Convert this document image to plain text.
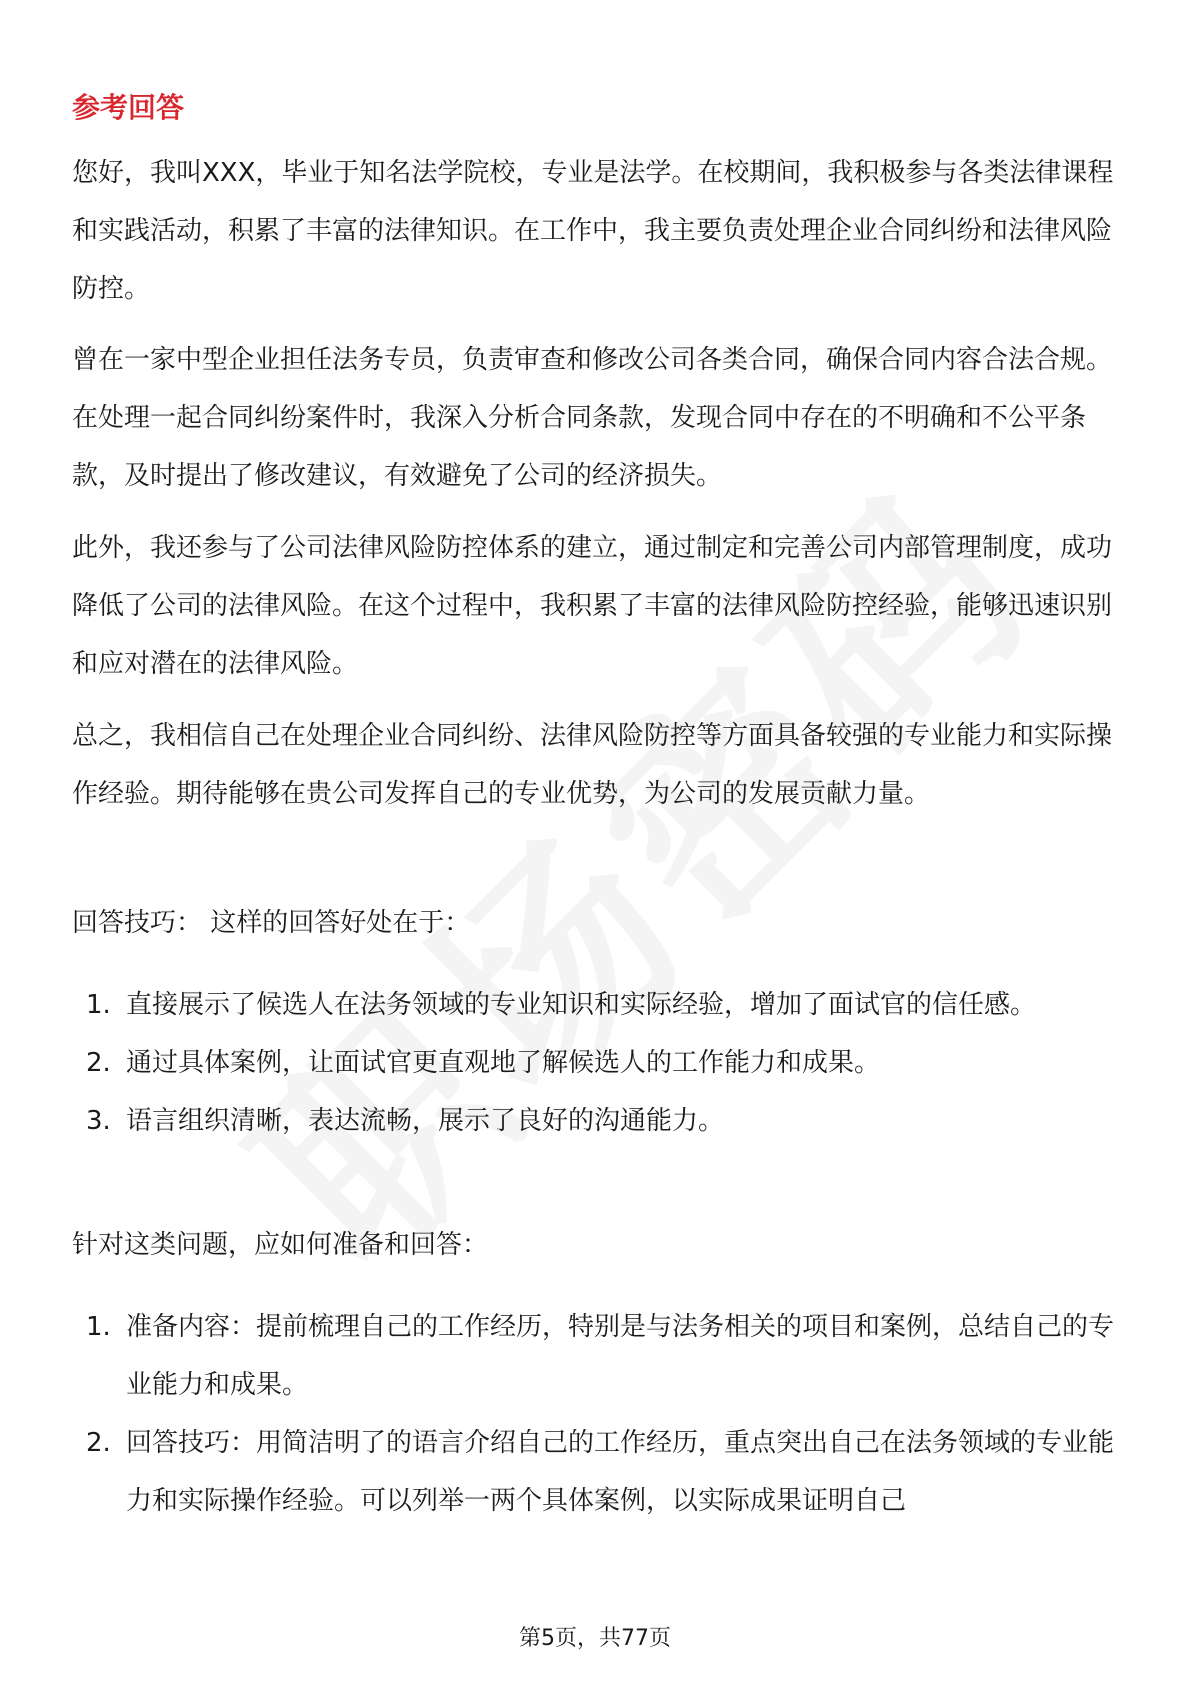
参考回答

您好，我叫XXX，毕业于知名法学院校，专业是法学。在校期间，我积极参与各类法律课程和实践活动，积累了丰富的法律知识。在工作中，我主要负责处理企业合同纠纷和法律风险防控。

曾在一家中型企业担任法务专员，负责审查和修改公司各类合同，确保合同内容合法合规。在处理一起合同纠纷案件时，我深入分析合同条款，发现合同中存在的不明确和不公平条款，及时提出了修改建议，有效避免了公司的经济损失。

此外，我还参与了公司法律风险防控体系的建立，通过制定和完善公司内部管理制度，成功降低了公司的法律风险。在这个过程中，我积累了丰富的法律风险防控经验，能够迅速识别和应对潜在的法律风险。

总之，我相信自己在处理企业合同纠纷、法律风险防控等方面具备较强的专业能力和实际操作经验。期待能够在贵公司发挥自己的专业优势，为公司的发展贡献力量。

回答技巧： 这样的回答好处在于：

1. 直接展示了候选人在法务领域的专业知识和实际经验，增加了面试官的信任感。
2. 通过具体案例，让面试官更直观地了解候选人的工作能力和成果。
3. 语言组织清晰，表达流畅，展示了良好的沟通能力。

针对这类问题，应如何准备和回答：

1. 准备内容：提前梳理自己的工作经历，特别是与法务相关的项目和案例，总结自己的专业能力和成果。
2. 回答技巧：用简洁明了的语言介绍自己的工作经历，重点突出自己在法务领域的专业能力和实际操作经验。可以列举一两个具体案例，以实际成果证明自己
第5页，共77页
